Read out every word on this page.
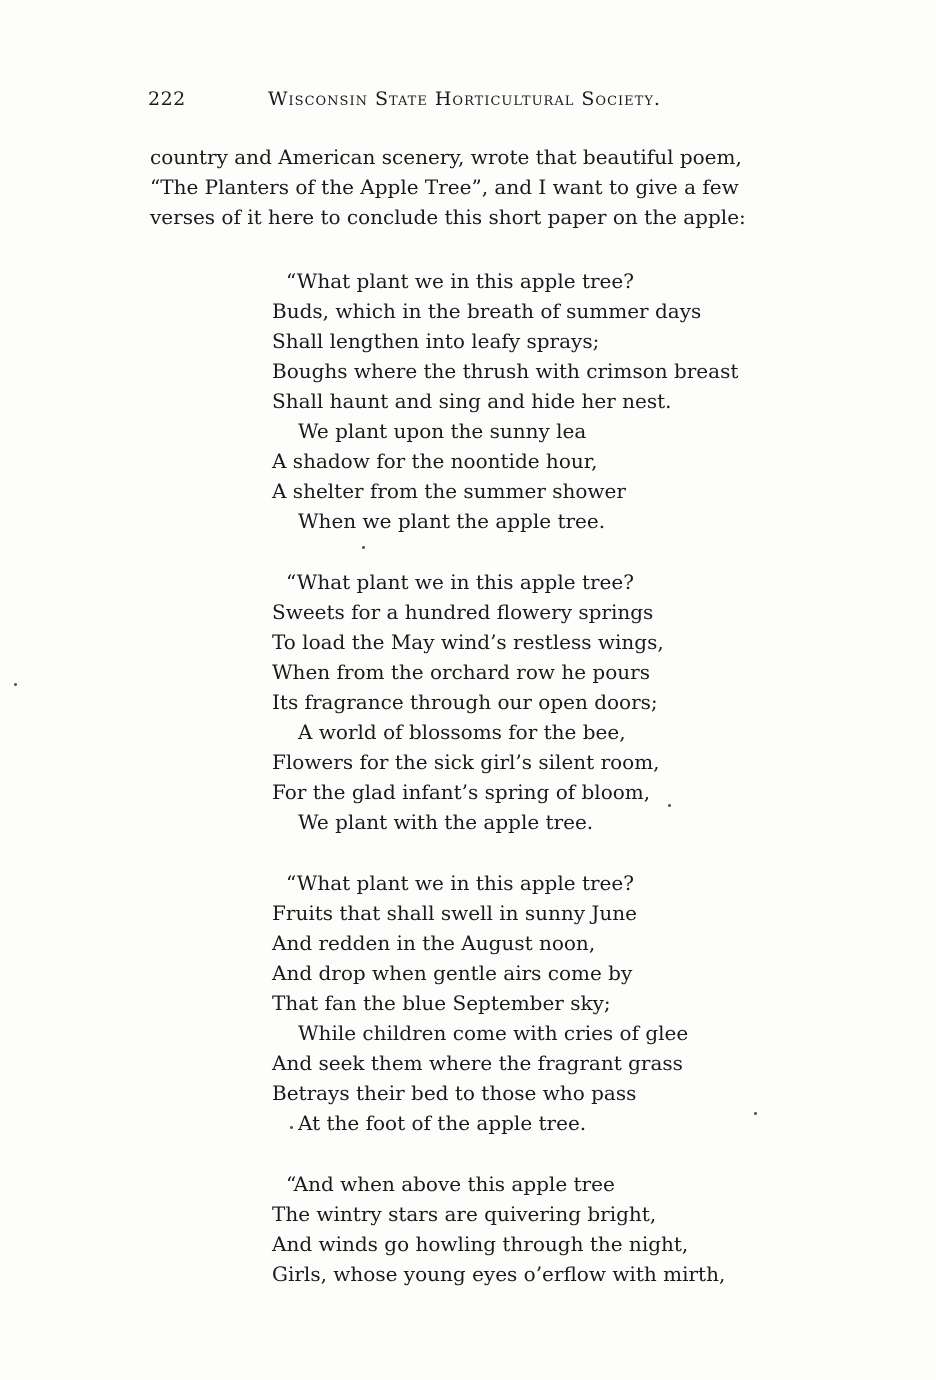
222	Wisconsin State Horticultural Society.
country and American scenery, wrote that beautiful poem,
“The Planters of the Apple Tree”, and I want to give a few
verses of it here to conclude this short paper on the apple:
“What plant we in this apple tree?
Buds, which in the breath of summer days
Shall lengthen into leafy sprays;
Boughs where the thrush with crimson breast
Shall haunt and sing and hide her nest.
We plant upon the sunny lea
A shadow for the noontide hour,
A shelter from the summer shower
When we plant the apple tree.
“What plant we in this apple tree?
Sweets for a hundred flowery springs
To load the May wind’s restless wings,
When from the orchard row he pours
Its fragrance through our open doors;
A world of blossoms for the bee,
Flowers for the sick girl’s silent room,
For the glad infant’s spring of bloom,
We plant with the apple tree.
“What plant we in this apple tree?
Fruits that shall swell in sunny June
And redden in the August noon,
And drop when gentle airs come by
That fan the blue September sky;
While children come with cries of glee
And seek them where the fragrant grass
Betrays their bed to those who pass
At the foot of the apple tree.
“And when above this apple tree
The wintry stars are quivering bright,
And winds go howling through the night,
Girls, whose young eyes o’erflow with mirth,
